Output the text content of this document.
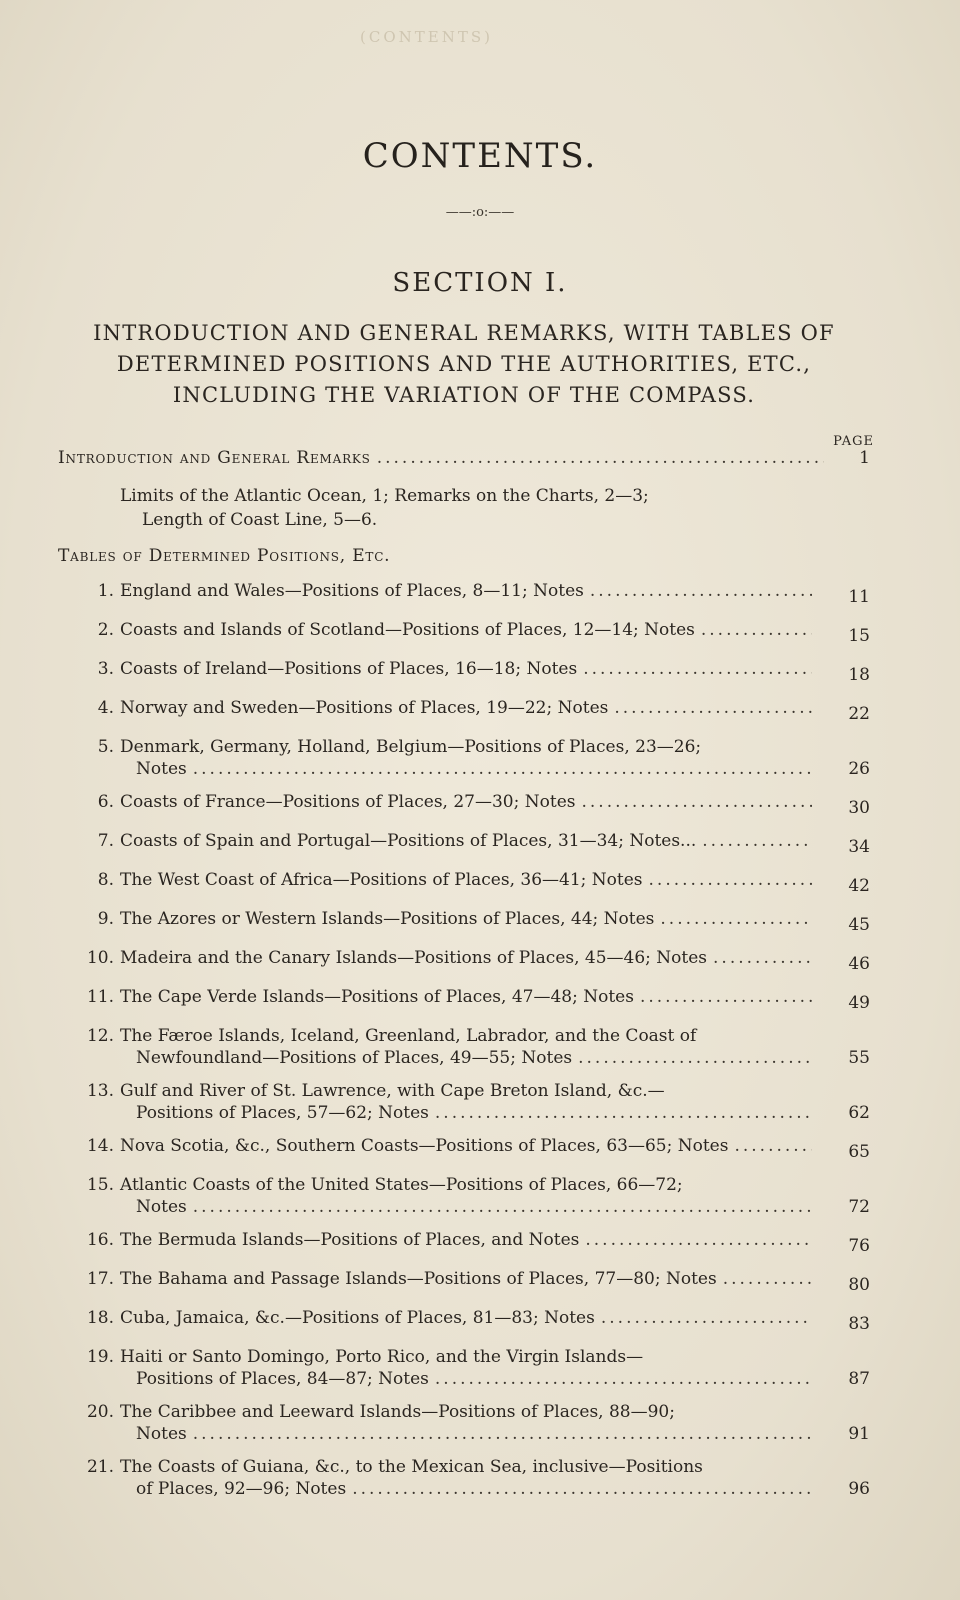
(CONTENTS)
CONTENTS.
——:o:——
SECTION I.
INTRODUCTION AND GENERAL REMARKS, WITH TABLES OF DETERMINED POSITIONS AND THE AUTHORITIES, ETC., INCLUDING THE VARIATION OF THE COMPASS.
PAGE
Introduction and General Remarks .....	1
Limits of the Atlantic Ocean, 1; Remarks on the Charts, 2—3;
Length of Coast Line, 5—6.
Tables of Determined Positions, Etc.
1. England and Wales—Positions of Places, 8—11; Notes .....	11
2. Coasts and Islands of Scotland—Positions of Places, 12—14; Notes .....	15
3. Coasts of Ireland—Positions of Places, 16—18; Notes .....	18
4. Norway and Sweden—Positions of Places, 19—22; Notes .....	22
5. Denmark, Germany, Holland, Belgium—Positions of Places, 23—26;
Notes .....	26
6. Coasts of France—Positions of Places, 27—30; Notes .....	30
7. Coasts of Spain and Portugal—Positions of Places, 31—34; Notes... .....	34
8. The West Coast of Africa—Positions of Places, 36—41; Notes .....	42
9. The Azores or Western Islands—Positions of Places, 44; Notes .....	45
10. Madeira and the Canary Islands—Positions of Places, 45—46; Notes .....	46
11. The Cape Verde Islands—Positions of Places, 47—48; Notes .....	49
12. The Færoe Islands, Iceland, Greenland, Labrador, and the Coast of
Newfoundland—Positions of Places, 49—55; Notes .....	55
13. Gulf and River of St. Lawrence, with Cape Breton Island, &c.—
Positions of Places, 57—62; Notes .....	62
14. Nova Scotia, &c., Southern Coasts—Positions of Places, 63—65; Notes .....	65
15. Atlantic Coasts of the United States—Positions of Places, 66—72;
Notes .....	72
16. The Bermuda Islands—Positions of Places, and Notes .....	76
17. The Bahama and Passage Islands—Positions of Places, 77—80; Notes .....	80
18. Cuba, Jamaica, &c.—Positions of Places, 81—83; Notes .....	83
19. Haiti or Santo Domingo, Porto Rico, and the Virgin Islands—
Positions of Places, 84—87; Notes .....	87
20. The Caribbee and Leeward Islands—Positions of Places, 88—90;
Notes .....	91
21. The Coasts of Guiana, &c., to the Mexican Sea, inclusive—Positions
of Places, 92—96; Notes .....	96
